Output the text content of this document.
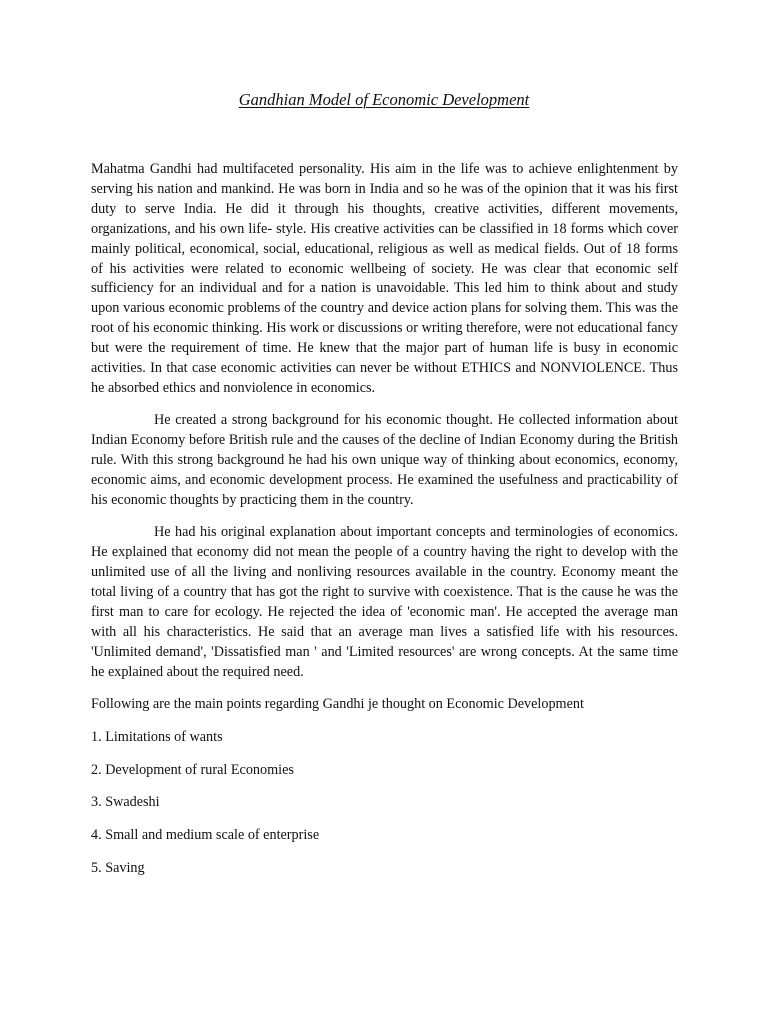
Gandhian Model of Economic Development

Mahatma Gandhi had multifaceted personality. His aim in the life was to achieve enlightenment by serving his nation and mankind. He was born in India and so he was of the opinion that it was his first duty to serve India. He did it through his thoughts, creative activities, different movements, organizations, and his own life- style. His creative activities can be classified in 18 forms which cover mainly political, economical, social, educational, religious as well as medical fields. Out of 18 forms of his activities were related to economic wellbeing of society. He was clear that economic self sufficiency for an individual and for a nation is unavoidable. This led him to think about and study upon various economic problems of the country and device action plans for solving them. This was the root of his economic thinking. His work or discussions or writing therefore, were not educational fancy but were the requirement of time. He knew that the major part of human life is busy in economic activities. In that case economic activities can never be without ETHICS and NONVIOLENCE. Thus he absorbed ethics and nonviolence in economics.

He created a strong background for his economic thought. He collected information about Indian Economy before British rule and the causes of the decline of Indian Economy during the British rule. With this strong background he had his own unique way of thinking about economics, economy, economic aims, and economic development process. He examined the usefulness and practicability of his economic thoughts by practicing them in the country.

He had his original explanation about important concepts and terminologies of economics. He explained that economy did not mean the people of a country having the right to develop with the unlimited use of all the living and nonliving resources available in the country. Economy meant the total living of a country that has got the right to survive with coexistence. That is the cause he was the first man to care for ecology. He rejected the idea of 'economic man'. He accepted the average man with all his characteristics. He said that an average man lives a satisfied life with his resources. 'Unlimited demand', 'Dissatisfied man ' and 'Limited resources' are wrong concepts. At the same time he explained about the required need.

Following are the main points regarding Gandhi je thought on Economic Development

1. Limitations of wants
2. Development of rural Economies
3. Swadeshi
4. Small and medium scale of enterprise
5. Saving
